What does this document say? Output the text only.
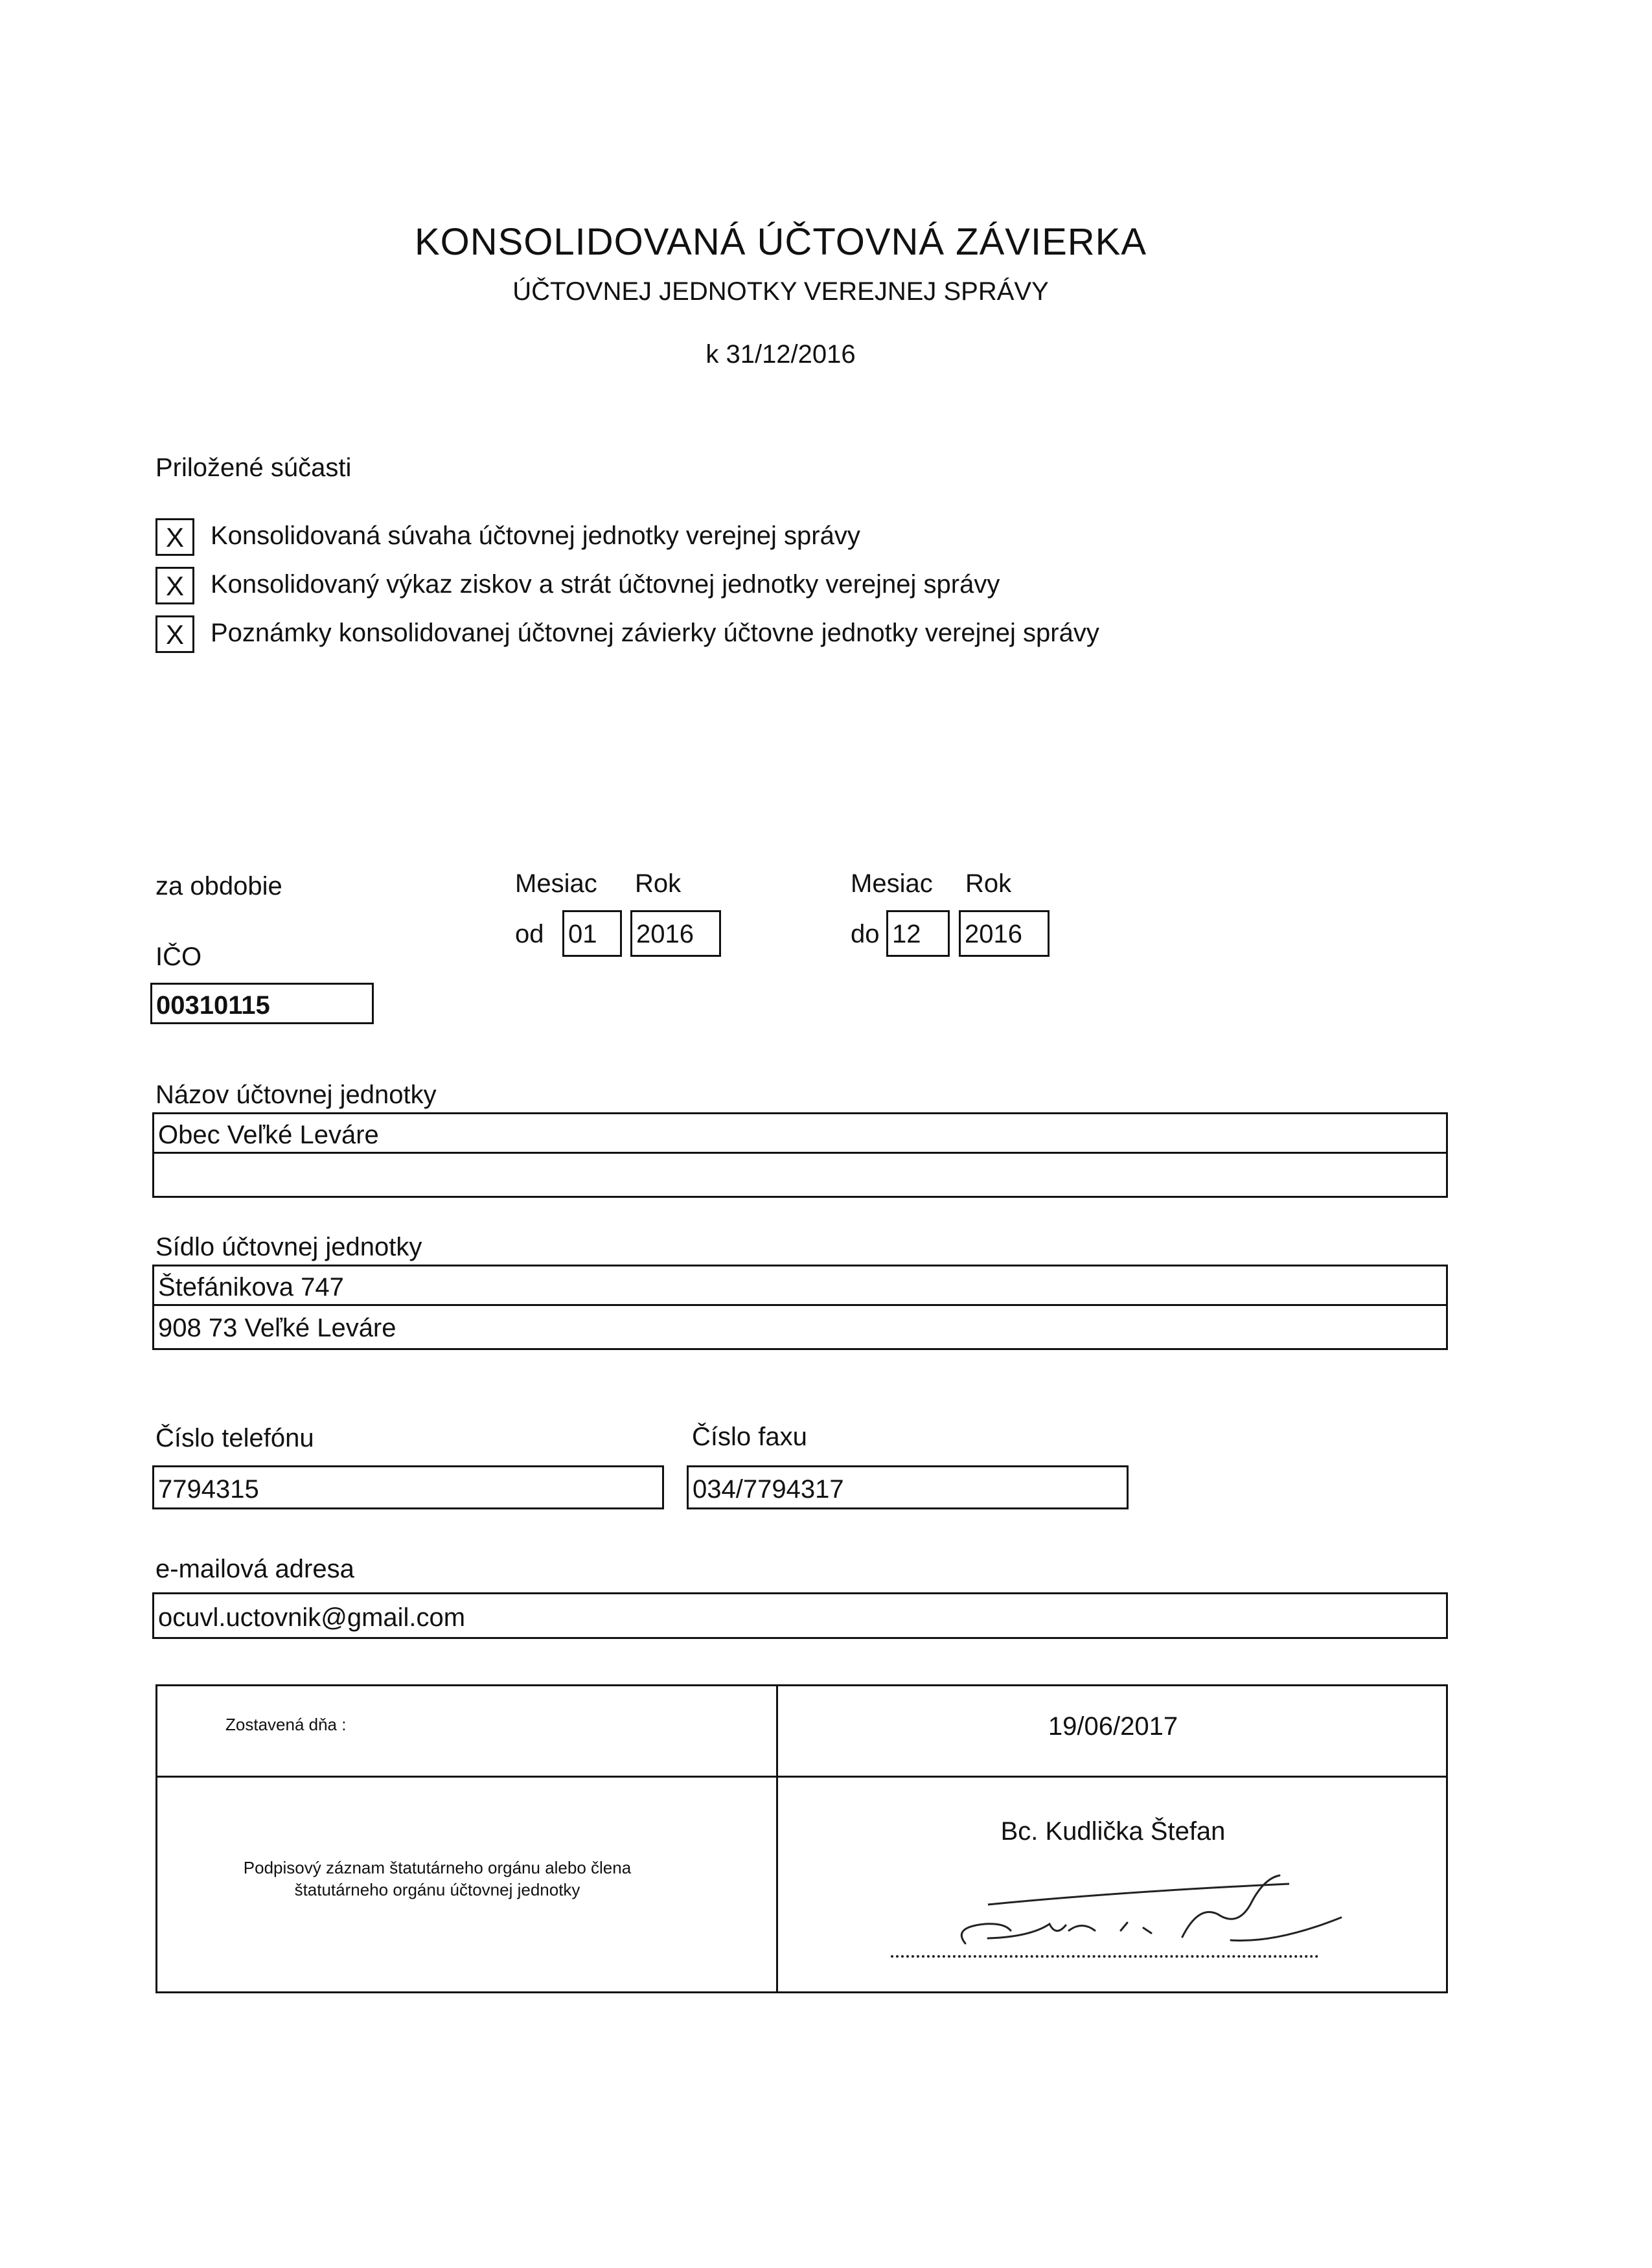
KONSOLIDOVANÁ ÚČTOVNÁ ZÁVIERKA
ÚČTOVNEJ JEDNOTKY VEREJNEJ SPRÁVY
k 31/12/2016
Priložené súčasti
X	Konsolidovaná súvaha účtovnej jednotky verejnej správy
X	Konsolidovaný výkaz ziskov a strát účtovnej jednotky verejnej správy
X	Poznámky konsolidovanej účtovnej závierky účtovne jednotky verejnej správy
za obdobie	Mesiac Rok
od 01	2016
Mesiac Rok
do 12	2016
IČO
00310115
Názov účtovnej jednotky
Obec Veľké Leváre
Sídlo účtovnej jednotky
Štefánikova 747
908 73 Veľké Leváre
Číslo telefónu
7794315
Číslo faxu
034/7794317
e-mailová adresa
ocuvl.uctovnik@gmail.com
Zostavená dňa :	19/06/2017
Podpisový záznam štatutárneho orgánu alebo člena štatutárneho orgánu účtovnej jednotky
Bc. Kudlička Štefan
